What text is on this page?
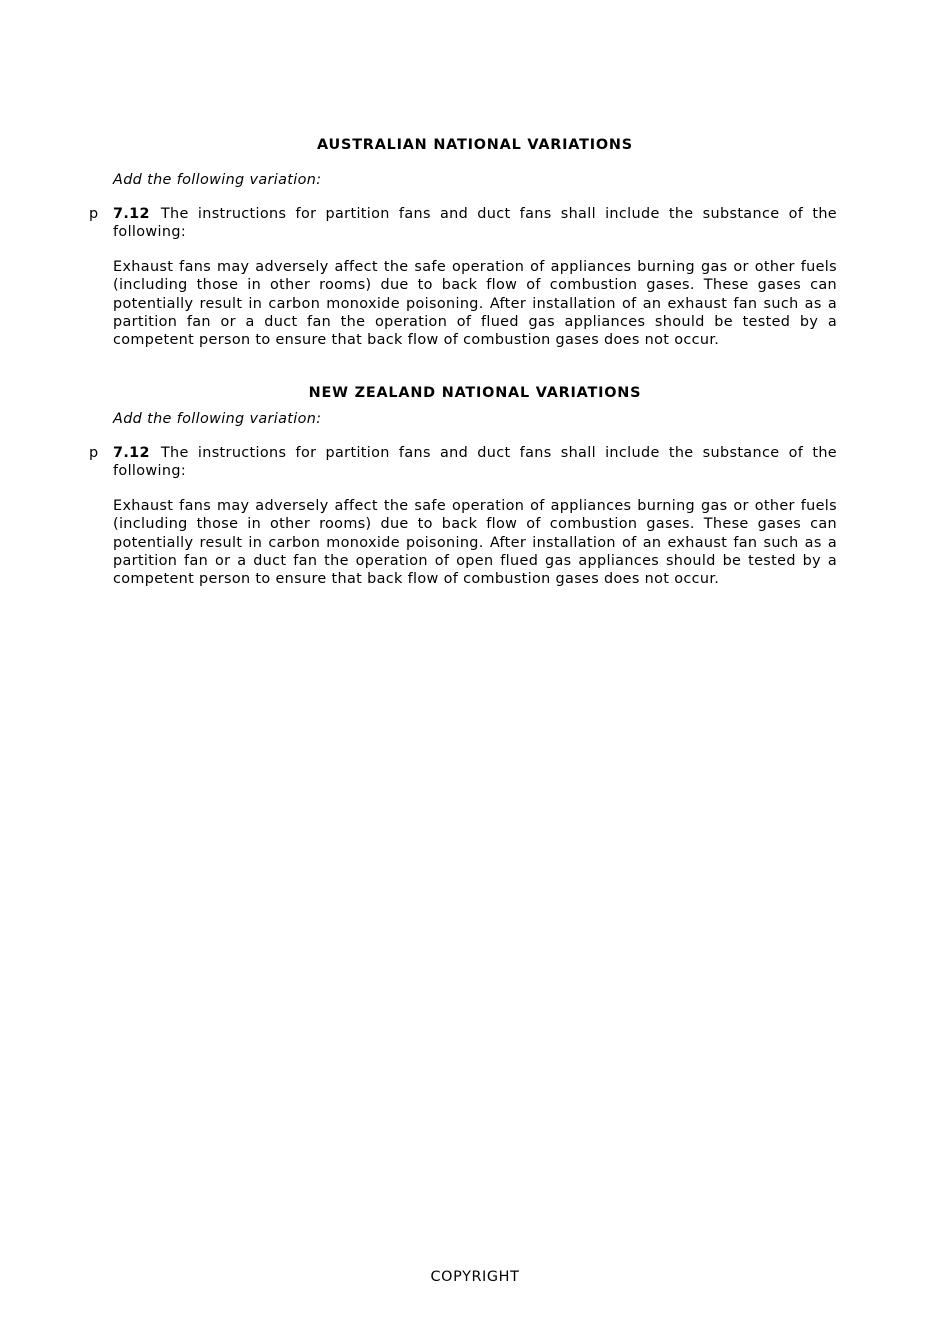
AUSTRALIAN NATIONAL VARIATIONS
Add the following variation:
p 7.12 The instructions for partition fans and duct fans shall include the substance of the following:
Exhaust fans may adversely affect the safe operation of appliances burning gas or other fuels (including those in other rooms) due to back flow of combustion gases. These gases can potentially result in carbon monoxide poisoning. After installation of an exhaust fan such as a partition fan or a duct fan the operation of flued gas appliances should be tested by a competent person to ensure that back flow of combustion gases does not occur.
NEW ZEALAND NATIONAL VARIATIONS
Add the following variation:
p 7.12 The instructions for partition fans and duct fans shall include the substance of the following:
Exhaust fans may adversely affect the safe operation of appliances burning gas or other fuels (including those in other rooms) due to back flow of combustion gases. These gases can potentially result in carbon monoxide poisoning. After installation of an exhaust fan such as a partition fan or a duct fan the operation of open flued gas appliances should be tested by a competent person to ensure that back flow of combustion gases does not occur.
COPYRIGHT
